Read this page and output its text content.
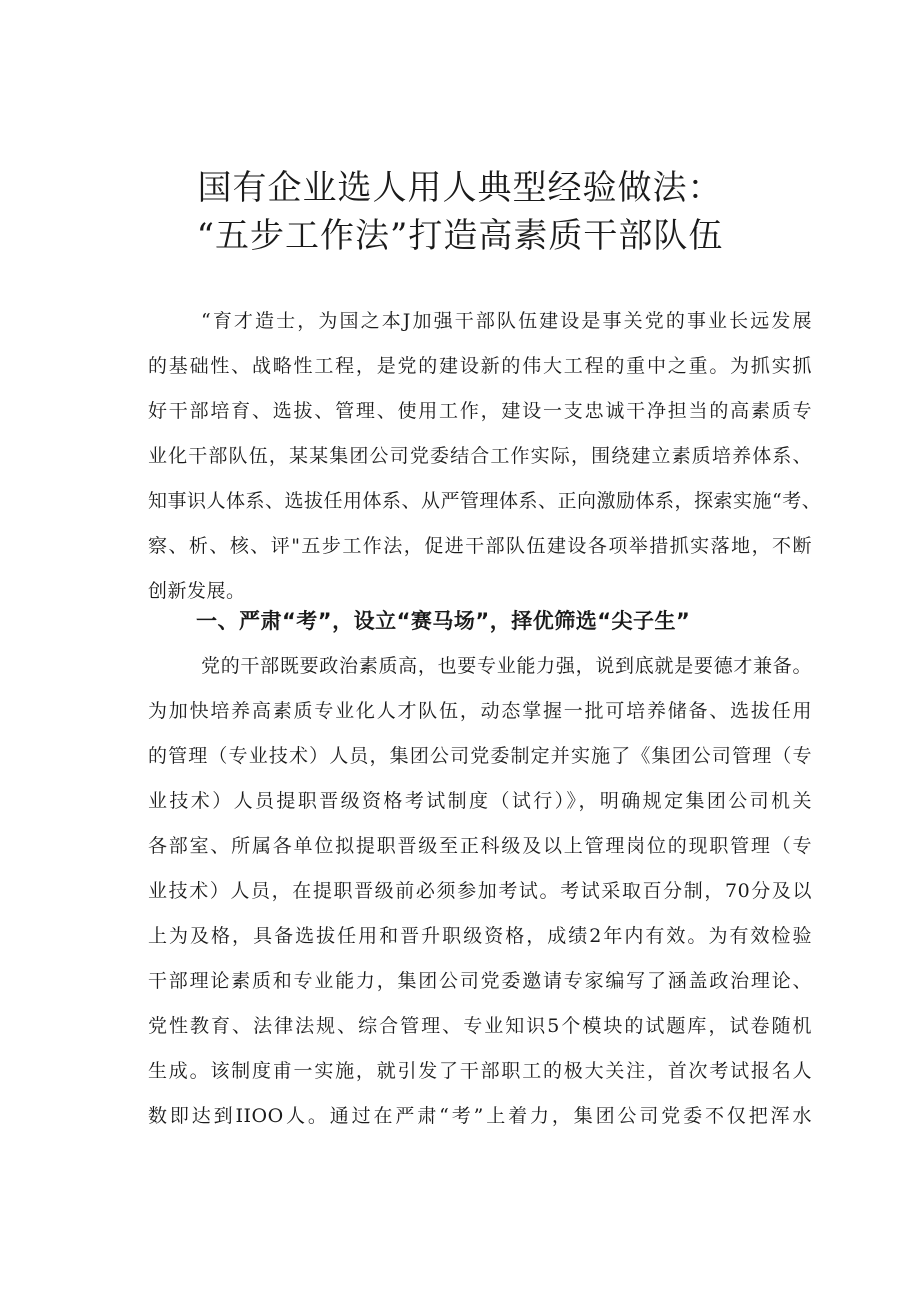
国有企业选人用人典型经验做法：
“五步工作法”打造高素质干部队伍
“育才造士，为国之本J加强干部队伍建设是事关党的事业长远发展
的基础性、战略性工程，是党的建设新的伟大工程的重中之重。为抓实抓
好干部培育、选拔、管理、使用工作，建设一支忠诚干净担当的高素质专
业化干部队伍，某某集团公司党委结合工作实际，围绕建立素质培养体系、
知事识人体系、选拔任用体系、从严管理体系、正向激励体系，探索实施“考、
察、析、核、评"五步工作法，促进干部队伍建设各项举措抓实落地，不断
创新发展。
一、严肃“考”，设立“赛马场”，择优筛选“尖子生”
党的干部既要政治素质高，也要专业能力强，说到底就是要德才兼备。
为加快培养高素质专业化人才队伍，动态掌握一批可培养储备、选拔任用
的管理（专业技术）人员，集团公司党委制定并实施了《集团公司管理（专
业技术）人员提职晋级资格考试制度（试行）》，明确规定集团公司机关
各部室、所属各单位拟提职晋级至正科级及以上管理岗位的现职管理（专
业技术）人员，在提职晋级前必须参加考试。考试采取百分制，70分及以
上为及格，具备选拔任用和晋升职级资格，成绩2年内有效。为有效检验
干部理论素质和专业能力，集团公司党委邀请专家编写了涵盖政治理论、
党性教育、法律法规、综合管理、专业知识5个模块的试题库，试卷随机
生成。该制度甫一实施，就引发了干部职工的极大关注，首次考试报名人
数即达到IIOO人。通过在严肃“考”上着力，集团公司党委不仅把浑水
